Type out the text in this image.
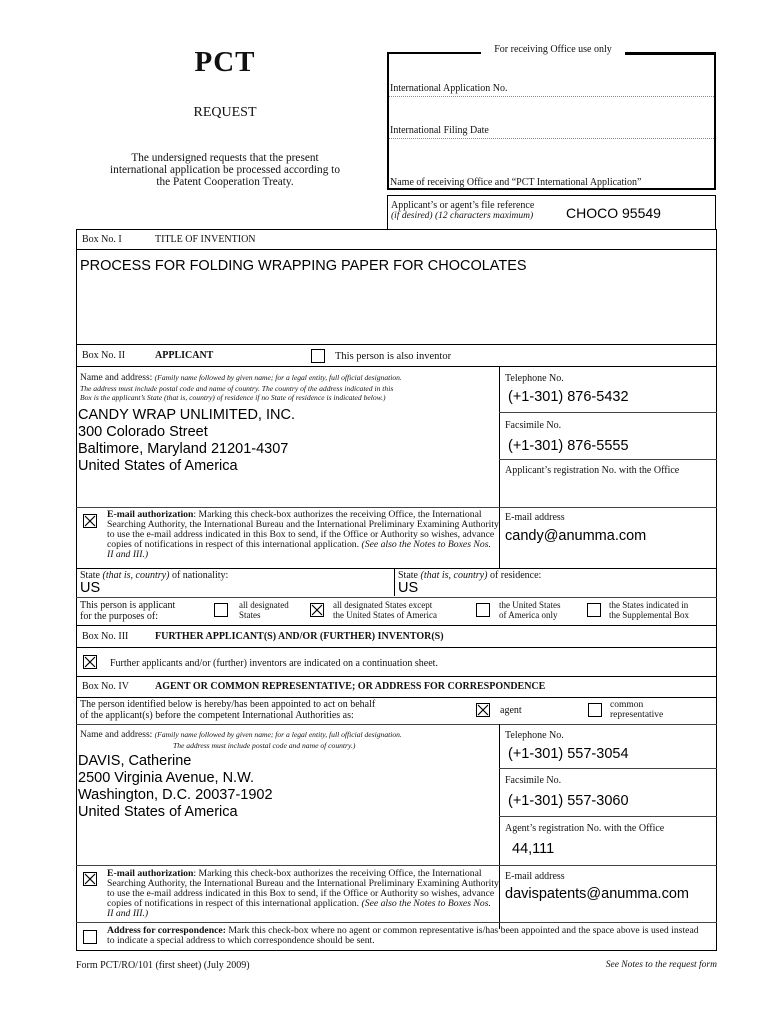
PCT
REQUEST
The undersigned requests that the present international application be processed according to the Patent Cooperation Treaty.
For receiving Office use only
International Application No.
International Filing Date
Name of receiving Office and “PCT International Application”
Applicant’s or agent’s file reference
(if desired) (12 characters maximum) CHOCO 95549
Box No. I	TITLE OF INVENTION
PROCESS FOR FOLDING WRAPPING PAPER FOR CHOCOLATES
Box No. II	APPLICANT	This person is also inventor
Name and address: (Family name followed by given name; for a legal entity, full official designation.
The address must include postal code and name of country. The country of the address indicated in this
Box is the applicant’s State (that is, country) of residence if no State of residence is indicated below.)
CANDY WRAP UNLIMITED, INC.
300 Colorado Street
Baltimore, Maryland 21201-4307
United States of America
Telephone No.
(+1-301) 876-5432
Facsimile No.
(+1-301) 876-5555
Applicant’s registration No. with the Office
E-mail authorization: Marking this check-box authorizes the receiving Office, the International Searching Authority, the International Bureau and the International Preliminary Examining Authority to use the e-mail address indicated in this Box to send, if the Office or Authority so wishes, advance copies of notifications in respect of this international application. (See also the Notes to Boxes Nos. II and III.)
E-mail address
candy@anumma.com
State (that is, country) of nationality:
US
State (that is, country) of residence:
US
This person is applicant
for the purposes of:
all designated
States
all designated States except
the United States of America
the United States
of America only
the States indicated in
the Supplemental Box
Box No. III	FURTHER APPLICANT(S) AND/OR (FURTHER) INVENTOR(S)
Further applicants and/or (further) inventors are indicated on a continuation sheet.
Box No. IV	AGENT OR COMMON REPRESENTATIVE; OR ADDRESS FOR CORRESPONDENCE
The person identified below is hereby/has been appointed to act on behalf
of the applicant(s) before the competent International Authorities as:	agent	common
representative
Name and address: (Family name followed by given name; for a legal entity, full official designation.
The address must include postal code and name of country.)
DAVIS, Catherine
2500 Virginia Avenue, N.W.
Washington, D.C. 20037-1902
United States of America
Telephone No.
(+1-301) 557-3054
Facsimile No.
(+1-301) 557-3060
Agent’s registration No. with the Office
44,111
E-mail authorization: Marking this check-box authorizes the receiving Office, the International Searching Authority, the International Bureau and the International Preliminary Examining Authority to use the e-mail address indicated in this Box to send, if the Office or Authority so wishes, advance copies of notifications in respect of this international application. (See also the Notes to Boxes Nos. II and III.)
E-mail address
davispatents@anumma.com
Address for correspondence: Mark this check-box where no agent or common representative is/has been appointed and the space above is used instead to indicate a special address to which correspondence should be sent.
Form PCT/RO/101 (first sheet) (July 2009)	See Notes to the request form
